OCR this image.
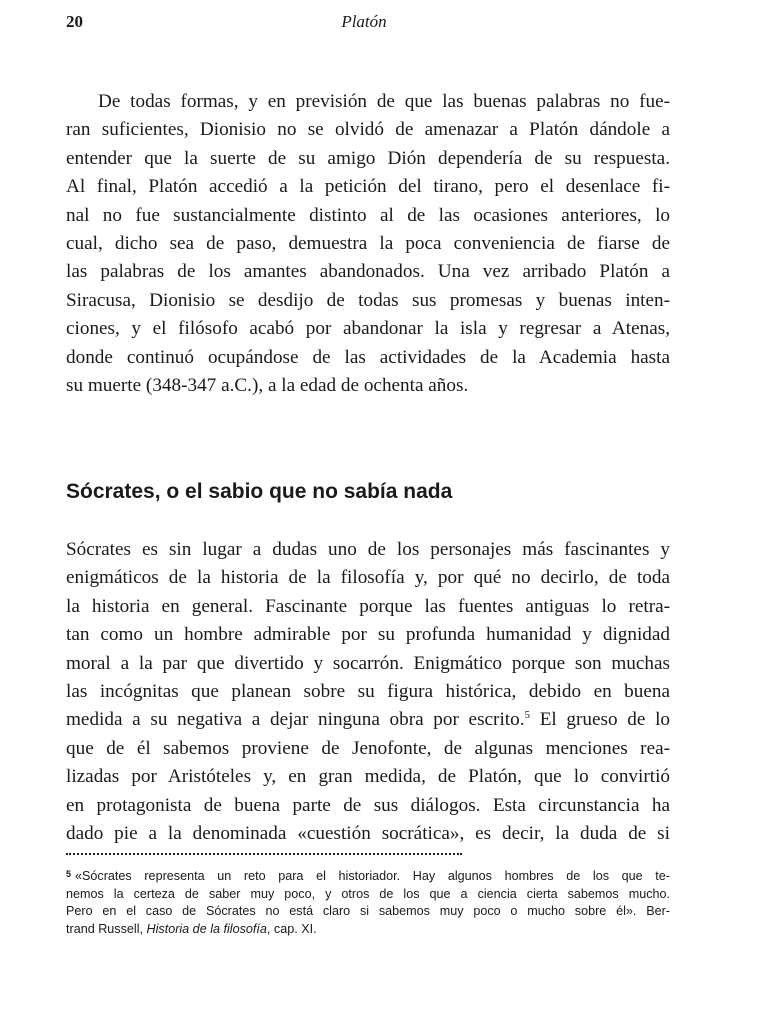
20	Platón
De todas formas, y en previsión de que las buenas palabras no fue-
ran suficientes, Dionisio no se olvidó de amenazar a Platón dándole a
entender que la suerte de su amigo Dión dependería de su respuesta.
Al final, Platón accedió a la petición del tirano, pero el desenlace fi-
nal no fue sustancialmente distinto al de las ocasiones anteriores, lo
cual, dicho sea de paso, demuestra la poca conveniencia de fiarse de
las palabras de los amantes abandonados. Una vez arribado Platón a
Siracusa, Dionisio se desdijo de todas sus promesas y buenas inten-
ciones, y el filósofo acabó por abandonar la isla y regresar a Atenas,
donde continuó ocupándose de las actividades de la Academia hasta
su muerte (348-347 a.C.), a la edad de ochenta años.
Sócrates, o el sabio que no sabía nada
Sócrates es sin lugar a dudas uno de los personajes más fascinantes y
enigmáticos de la historia de la filosofía y, por qué no decirlo, de toda
la historia en general. Fascinante porque las fuentes antiguas lo retra-
tan como un hombre admirable por su profunda humanidad y dignidad
moral a la par que divertido y socarrón. Enigmático porque son muchas
las incógnitas que planean sobre su figura histórica, debido en buena
medida a su negativa a dejar ninguna obra por escrito.$^5$ El grueso de lo
que de él sabemos proviene de Jenofonte, de algunas menciones rea-
lizadas por Aristóteles y, en gran medida, de Platón, que lo convirtió
en protagonista de buena parte de sus diálogos. Esta circunstancia ha
dado pie a la denominada «cuestión socrática», es decir, la duda de si
$^5$ «Sócrates representa un reto para el historiador. Hay algunos hombres de los que te-
nemos la certeza de saber muy poco, y otros de los que a ciencia cierta sabemos mucho.
Pero en el caso de Sócrates no está claro si sabemos muy poco o mucho sobre él». Ber-
trand Russell, Historia de la filosofía, cap. XI.
